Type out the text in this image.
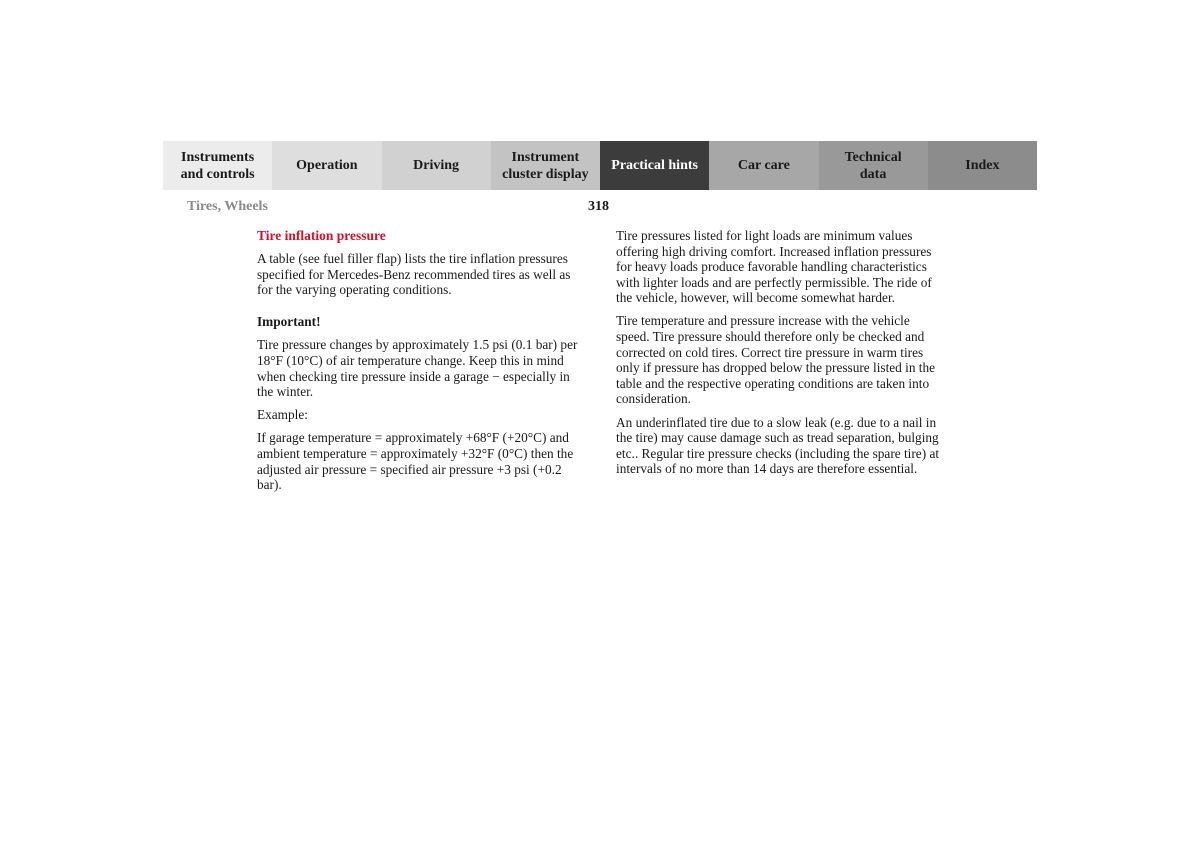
Instruments
and controls
Operation	Driving
Instrument
cluster display
Practical hints	Car care
Technical
data
Index
Tires, Wheels	318

Tire inflation pressure

A table (see fuel filler flap) lists the tire inflation pressures specified for Mercedes-Benz recommended tires as well as for the varying operating conditions.

Important!

Tire pressure changes by approximately 1.5 psi (0.1 bar) per 18°F (10°C) of air temperature change. Keep this in mind when checking tire pressure inside a garage − especially in the winter.

Example:

If garage temperature = approximately +68°F (+20°C) and ambient temperature = approximately +32°F (0°C) then the adjusted air pressure = specified air pressure +3 psi (+0.2 bar).

Tire pressures listed for light loads are minimum values offering high driving comfort. Increased inflation pressures for heavy loads produce favorable handling characteristics with lighter loads and are perfectly permissible. The ride of the vehicle, however, will become somewhat harder.

Tire temperature and pressure increase with the vehicle speed. Tire pressure should therefore only be checked and corrected on cold tires. Correct tire pressure in warm tires only if pressure has dropped below the pressure listed in the table and the respective operating conditions are taken into consideration.

An underinflated tire due to a slow leak (e.g. due to a nail in the tire) may cause damage such as tread separation, bulging etc.. Regular tire pressure checks (including the spare tire) at intervals of no more than 14 days are therefore essential.
